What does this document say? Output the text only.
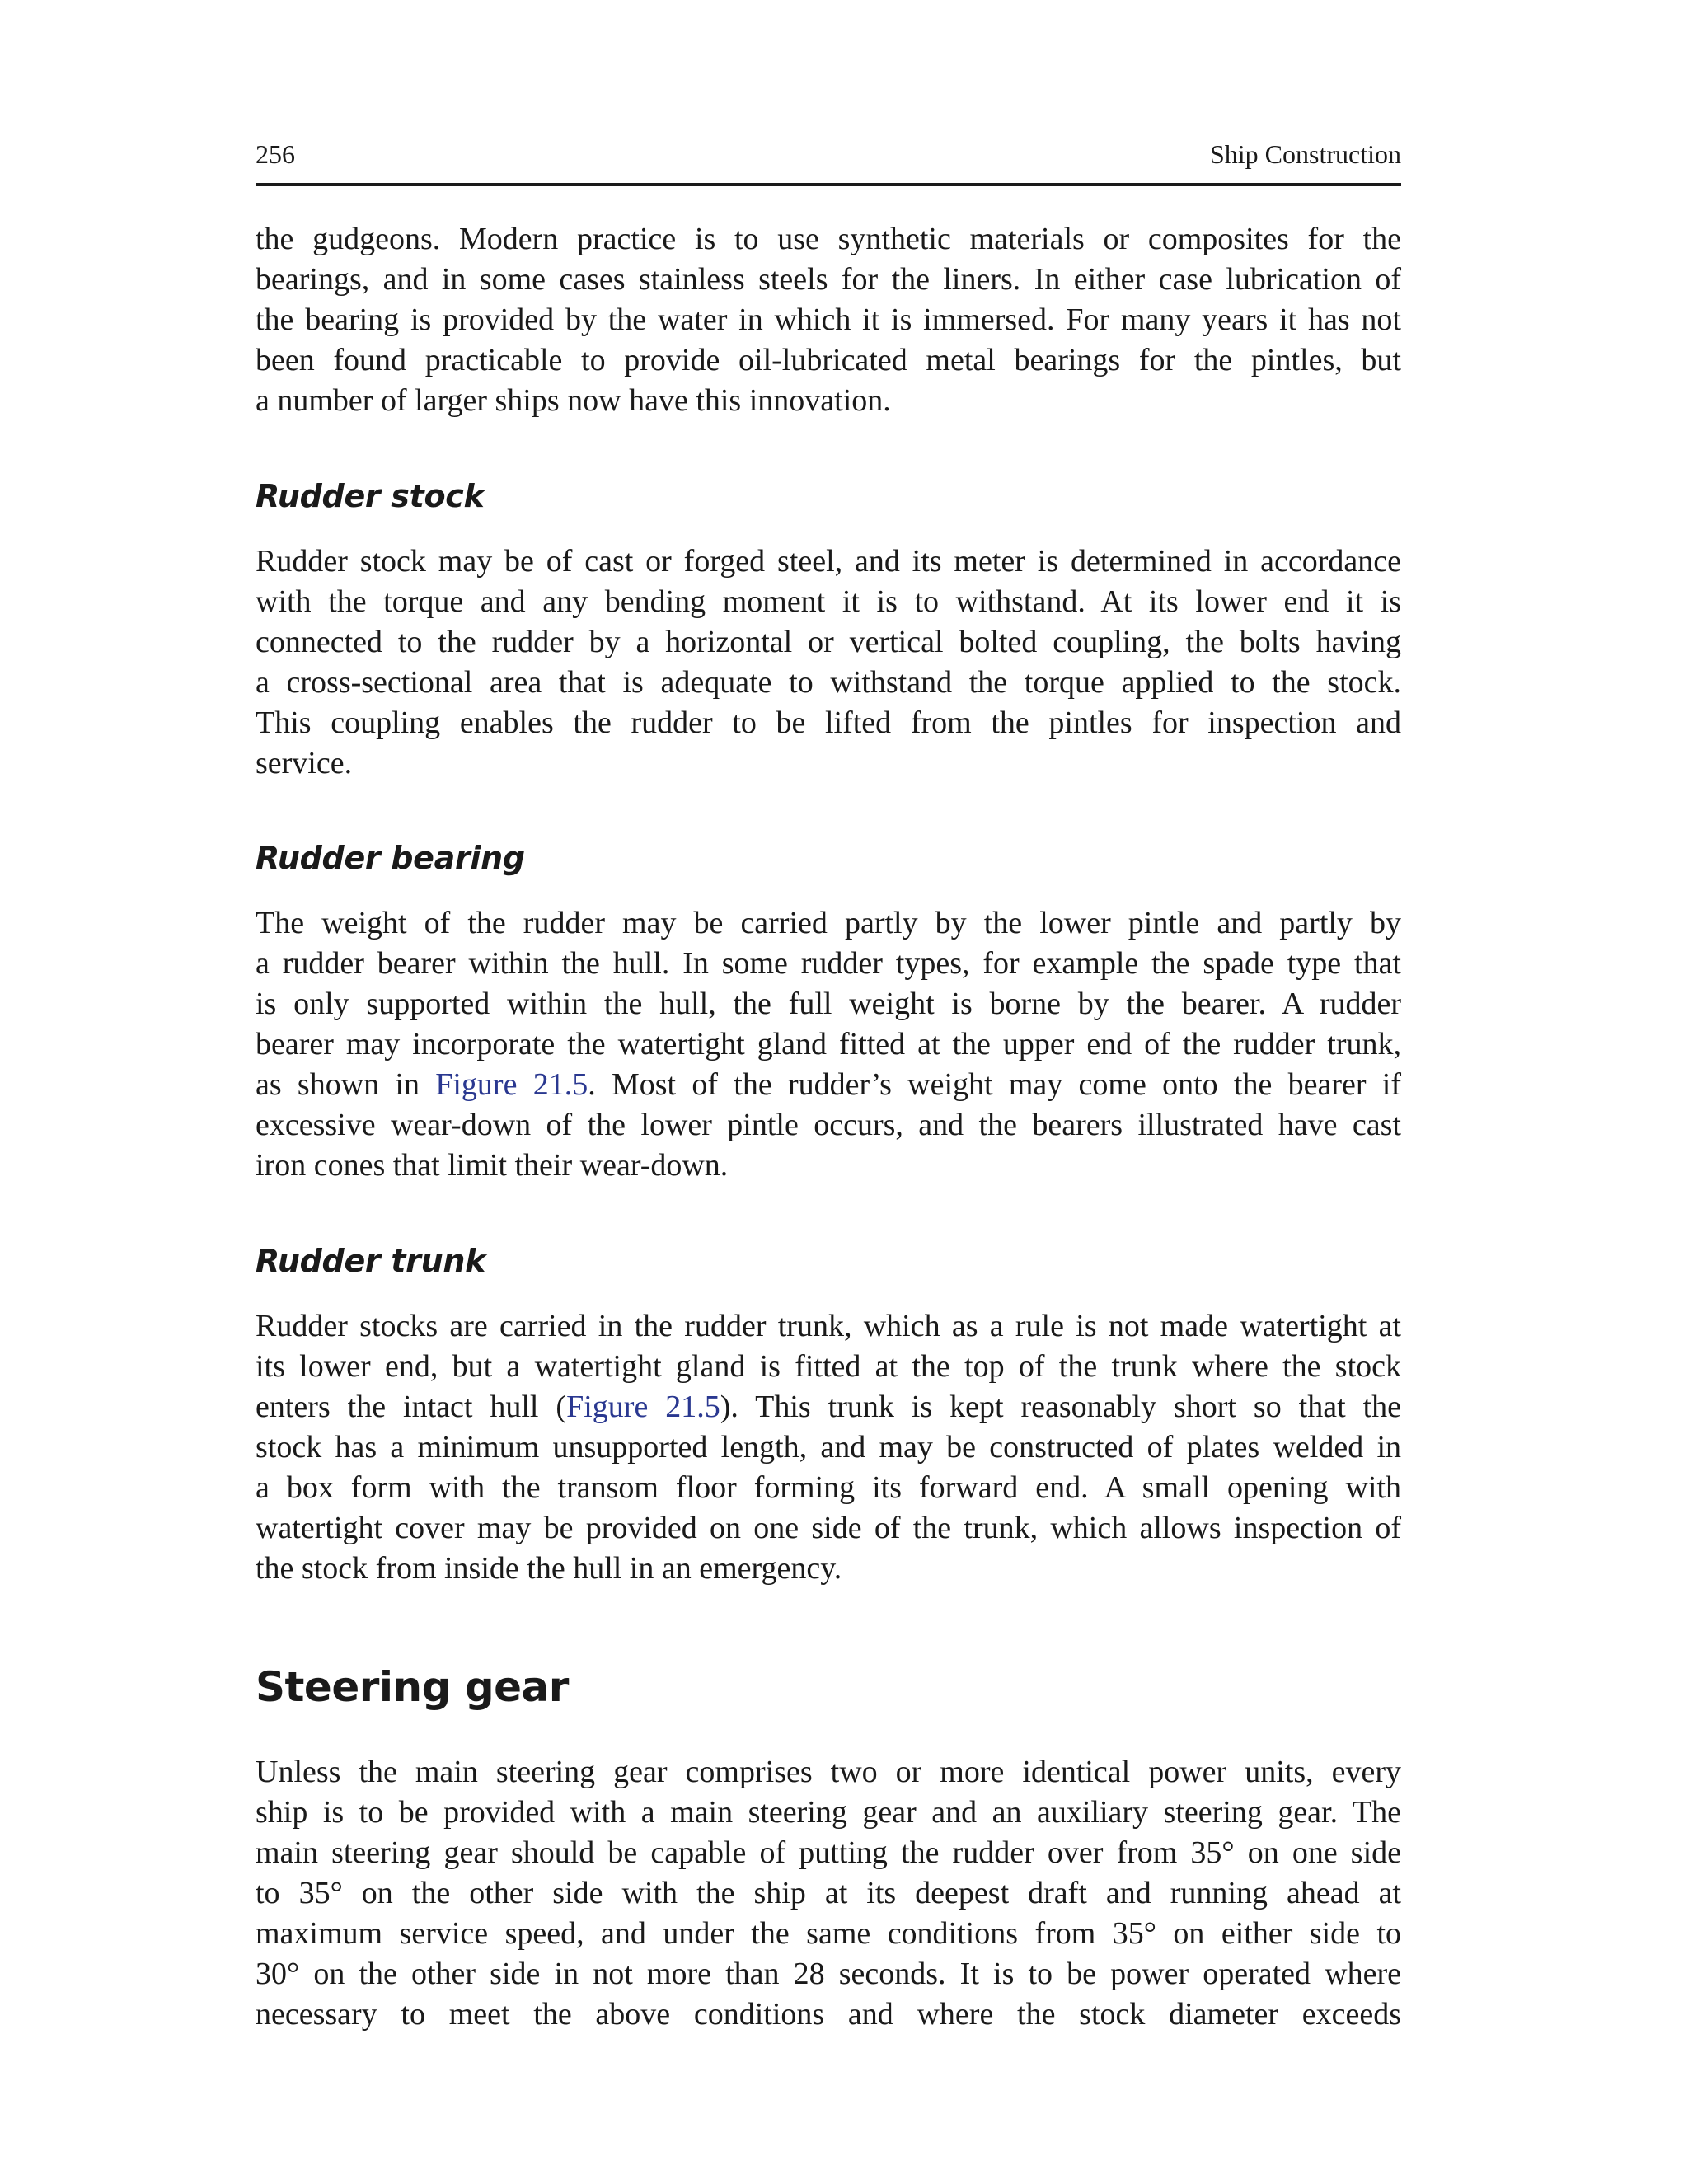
256	Ship Construction
the gudgeons. Modern practice is to use synthetic materials or composites for the
bearings, and in some cases stainless steels for the liners. In either case lubrication of
the bearing is provided by the water in which it is immersed. For many years it has not
been found practicable to provide oil-lubricated metal bearings for the pintles, but
a number of larger ships now have this innovation.
Rudder stock
Rudder stock may be of cast or forged steel, and its meter is determined in accordance
with the torque and any bending moment it is to withstand. At its lower end it is
connected to the rudder by a horizontal or vertical bolted coupling, the bolts having
a cross-sectional area that is adequate to withstand the torque applied to the stock.
This coupling enables the rudder to be lifted from the pintles for inspection and
service.
Rudder bearing
The weight of the rudder may be carried partly by the lower pintle and partly by
a rudder bearer within the hull. In some rudder types, for example the spade type that
is only supported within the hull, the full weight is borne by the bearer. A rudder
bearer may incorporate the watertight gland fitted at the upper end of the rudder trunk,
as shown in Figure 21.5. Most of the rudder’s weight may come onto the bearer if
excessive wear-down of the lower pintle occurs, and the bearers illustrated have cast
iron cones that limit their wear-down.
Rudder trunk
Rudder stocks are carried in the rudder trunk, which as a rule is not made watertight at
its lower end, but a watertight gland is fitted at the top of the trunk where the stock
enters the intact hull (Figure 21.5). This trunk is kept reasonably short so that the
stock has a minimum unsupported length, and may be constructed of plates welded in
a box form with the transom floor forming its forward end. A small opening with
watertight cover may be provided on one side of the trunk, which allows inspection of
the stock from inside the hull in an emergency.
Steering gear
Unless the main steering gear comprises two or more identical power units, every
ship is to be provided with a main steering gear and an auxiliary steering gear. The
main steering gear should be capable of putting the rudder over from 35° on one side
to 35° on the other side with the ship at its deepest draft and running ahead at
maximum service speed, and under the same conditions from 35° on either side to
30° on the other side in not more than 28 seconds. It is to be power operated where
necessary to meet the above conditions and where the stock diameter exceeds
